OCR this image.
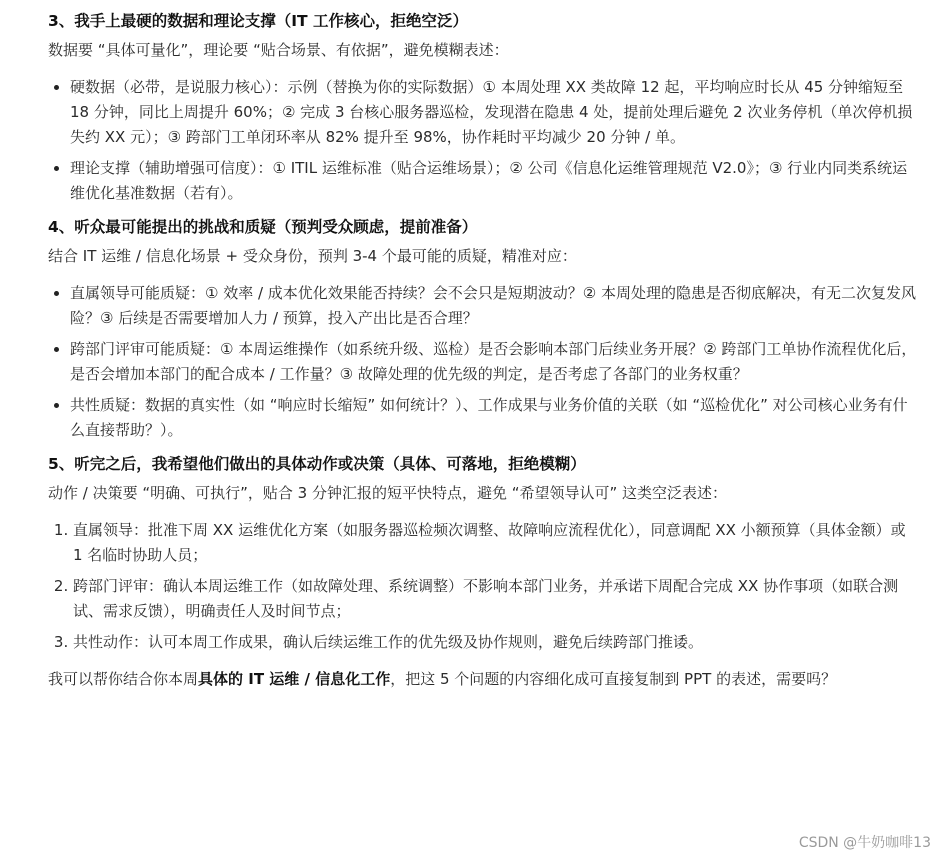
3、我手上最硬的数据和理论支撑（IT 工作核心，拒绝空泛）

数据要 “具体可量化”，理论要 “贴合场景、有依据”，避免模糊表述：

• 硬数据（必带，是说服力核心）：示例（替换为你的实际数据）① 本周处理 XX 类故障 12 起，平均响应时长从 45 分钟缩短至 18 分钟，同比上周提升 60%；② 完成 3 台核心服务器巡检，发现潜在隐患 4 处，提前处理后避免 2 次业务停机（单次停机损失约 XX 元）；③ 跨部门工单闭环率从 82% 提升至 98%，协作耗时平均减少 20 分钟 / 单。
• 理论支撑（辅助增强可信度）：① ITIL 运维标准（贴合运维场景）；② 公司《信息化运维管理规范 V2.0》；③ 行业内同类系统运维优化基准数据（若有）。
4、听众最可能提出的挑战和质疑（预判受众顾虑，提前准备）

结合 IT 运维 / 信息化场景 + 受众身份，预判 3-4 个最可能的质疑，精准对应：

• 直属领导可能质疑：① 效率 / 成本优化效果能否持续？会不会只是短期波动？② 本周处理的隐患是否彻底解决，有无二次复发风险？③ 后续是否需要增加人力 / 预算，投入产出比是否合理？
• 跨部门评审可能质疑：① 本周运维操作（如系统升级、巡检）是否会影响本部门后续业务开展？② 跨部门工单协作流程优化后，是否会增加本部门的配合成本 / 工作量？③ 故障处理的优先级的判定，是否考虑了各部门的业务权重？
• 共性质疑：数据的真实性（如 “响应时长缩短” 如何统计？）、工作成果与业务价值的关联（如 “巡检优化” 对公司核心业务有什么直接帮助？）。
5、听完之后，我希望他们做出的具体动作或决策（具体、可落地，拒绝模糊）

动作 / 决策要 “明确、可执行”，贴合 3 分钟汇报的短平快特点，避免 “希望领导认可” 这类空泛表述：

1. 直属领导：批准下周 XX 运维优化方案（如服务器巡检频次调整、故障响应流程优化），同意调配 XX 小额预算（具体金额）或 1 名临时协助人员；
2. 跨部门评审：确认本周运维工作（如故障处理、系统调整）不影响本部门业务，并承诺下周配合完成 XX 协作事项（如联合测试、需求反馈），明确责任人及时间节点；
3. 共性动作：认可本周工作成果，确认后续运维工作的优先级及协作规则，避免后续跨部门推诿。

我可以帮你结合你本周具体的 IT 运维 / 信息化工作，把这 5 个问题的内容细化成可直接复制到 PPT 的表述，需要吗？

CSDN @牛奶咖啡13
